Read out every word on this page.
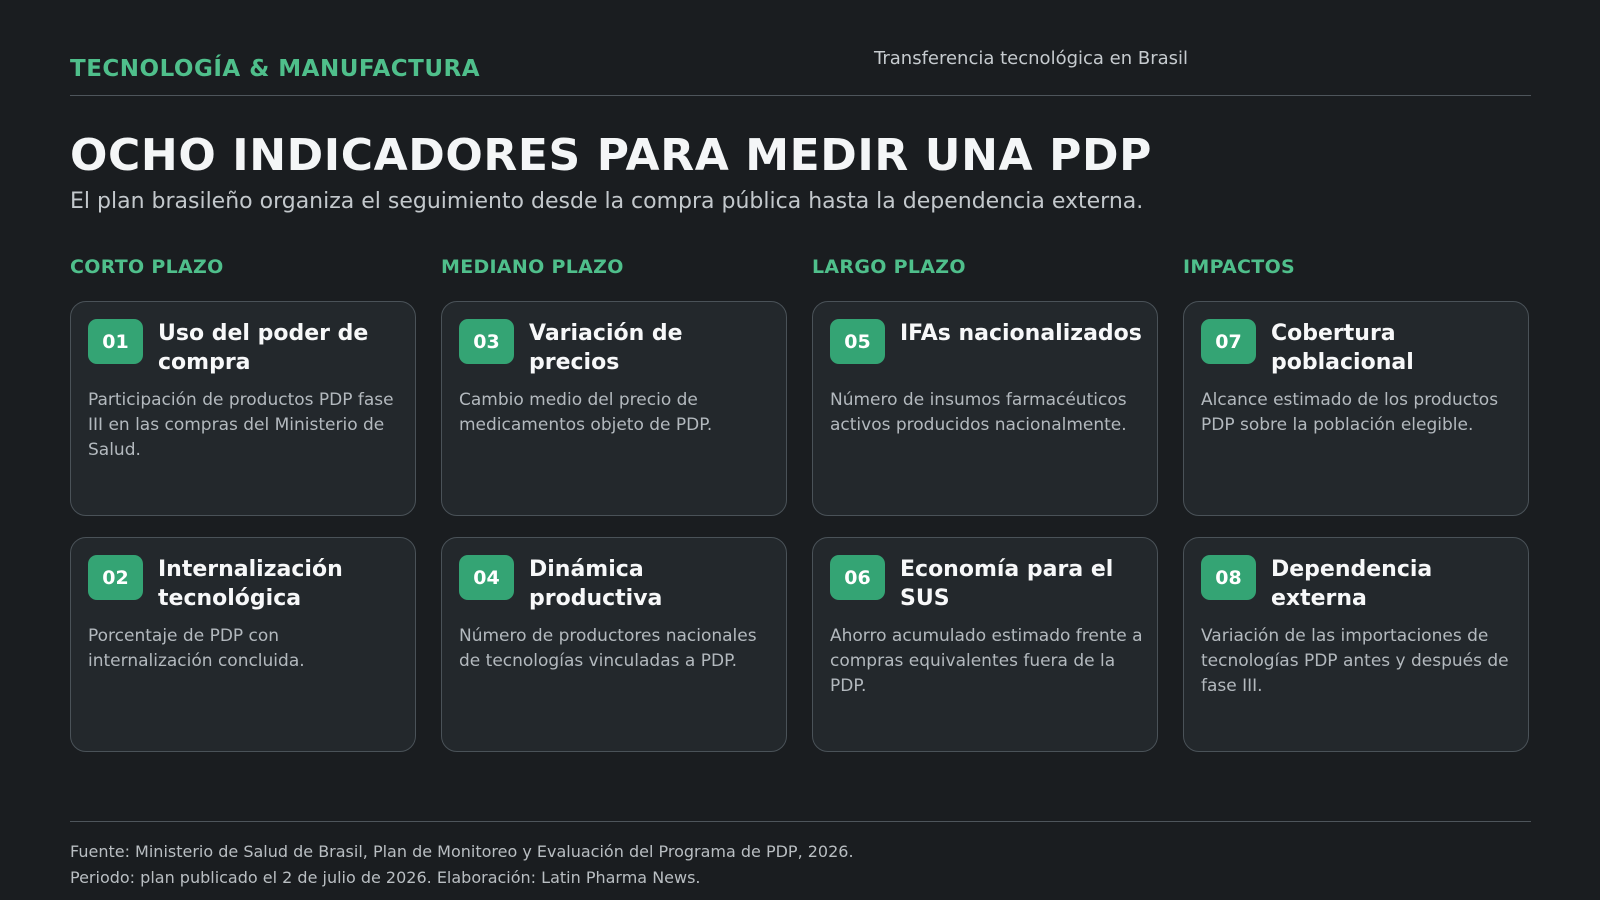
TECNOLOGÍA & MANUFACTURA	Transferencia tecnológica en Brasil
OCHO INDICADORES PARA MEDIR UNA PDP
El plan brasileño organiza el seguimiento desde la compra pública hasta la dependencia externa.
CORTO PLAZO
01	Uso del poder de compra
Participación de productos PDP fase III en las compras del Ministerio de Salud.
02	Internalización tecnológica
Porcentaje de PDP con internalización concluida.
MEDIANO PLAZO
03	Variación de precios
Cambio medio del precio de medicamentos objeto de PDP.
04	Dinámica productiva
Número de productores nacionales de tecnologías vinculadas a PDP.
LARGO PLAZO
05	IFAs nacionalizados
Número de insumos farmacéuticos activos producidos nacionalmente.
06	Economía para el SUS
Ahorro acumulado estimado frente a compras equivalentes fuera de la PDP.
IMPACTOS
07	Cobertura poblacional
Alcance estimado de los productos PDP sobre la población elegible.
08	Dependencia externa
Variación de las importaciones de tecnologías PDP antes y después de fase III.
Fuente: Ministerio de Salud de Brasil, Plan de Monitoreo y Evaluación del Programa de PDP, 2026.
Periodo: plan publicado el 2 de julio de 2026. Elaboración: Latin Pharma News.
